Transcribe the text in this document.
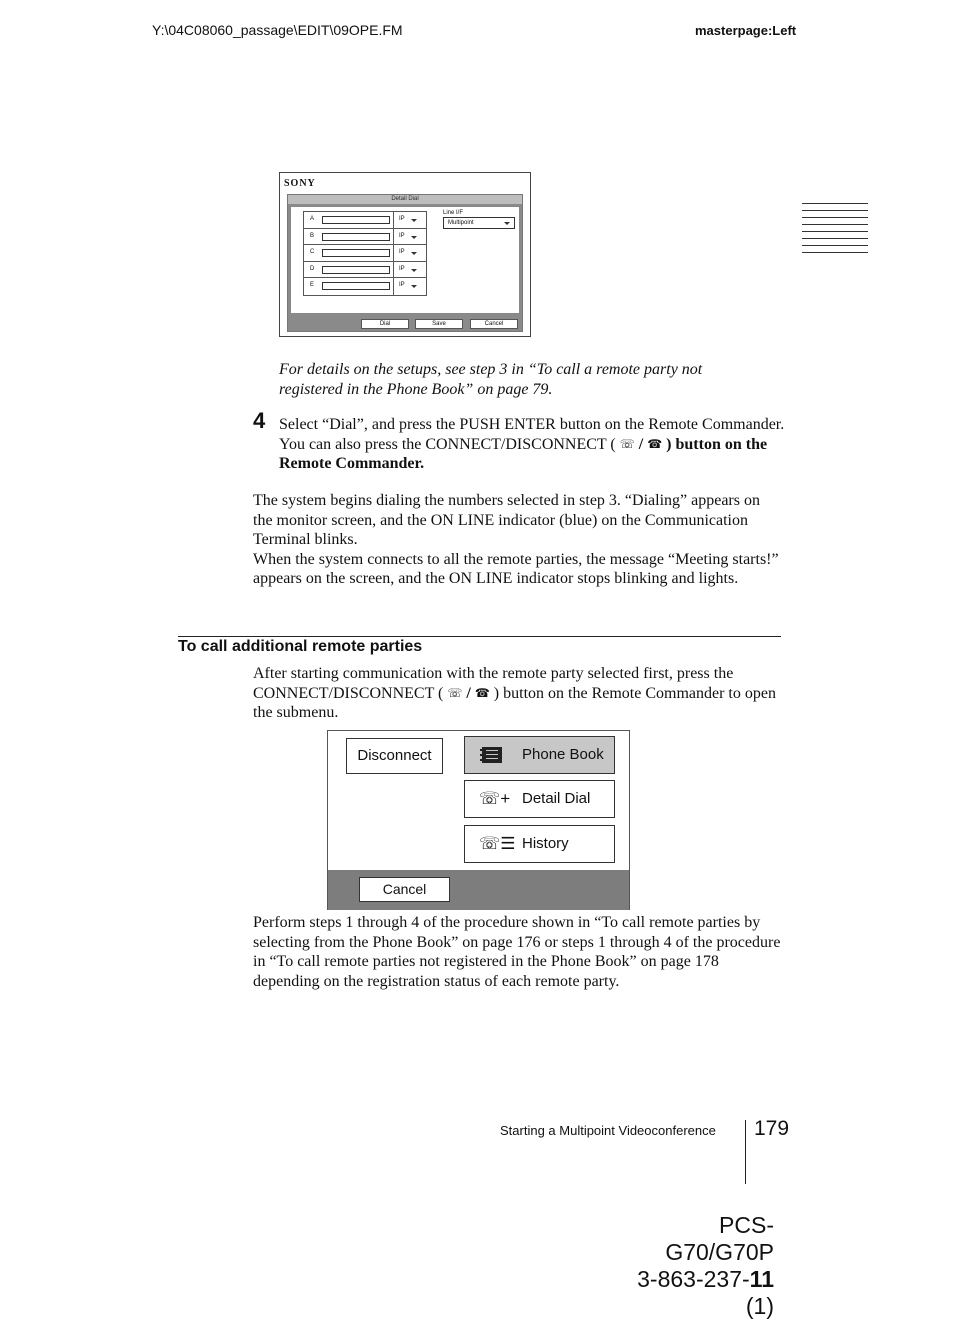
Y:\04C08060_passage\EDIT\09OPE.FM	masterpage:Left
SONY
Detail Dial
A	IP
B	IP
C	IP
D	IP
E	IP
Line I/F
Multipoint
Dial	Save	Cancel
For details on the setups, see step 3 in “To call a remote party not registered in the Phone Book” on page 79.
4 Select “Dial”, and press the PUSH ENTER button on the Remote Commander. You can also press the CONNECT/DISCONNECT ( ☏ / ☎ ) button on the Remote Commander.
The system begins dialing the numbers selected in step 3. “Dialing” appears on the monitor screen, and the ON LINE indicator (blue) on the Communication Terminal blinks.
When the system connects to all the remote parties, the message “Meeting starts!” appears on the screen, and the ON LINE indicator stops blinking and lights.
To call additional remote parties
After starting communication with the remote party selected first, press the CONNECT/DISCONNECT ( ☏ / ☎ ) button on the Remote Commander to open the submenu.
Disconnect	Phone Book
☏+ Detail Dial
☏☰ History
Cancel
Perform steps 1 through 4 of the procedure shown in “To call remote parties by selecting from the Phone Book” on page 176 or steps 1 through 4 of the procedure in “To call remote parties not registered in the Phone Book” on page 178 depending on the registration status of each remote party.
Starting a Multipoint Videoconference 179
PCS-G70/G70P
3-863-237-11 (1)
